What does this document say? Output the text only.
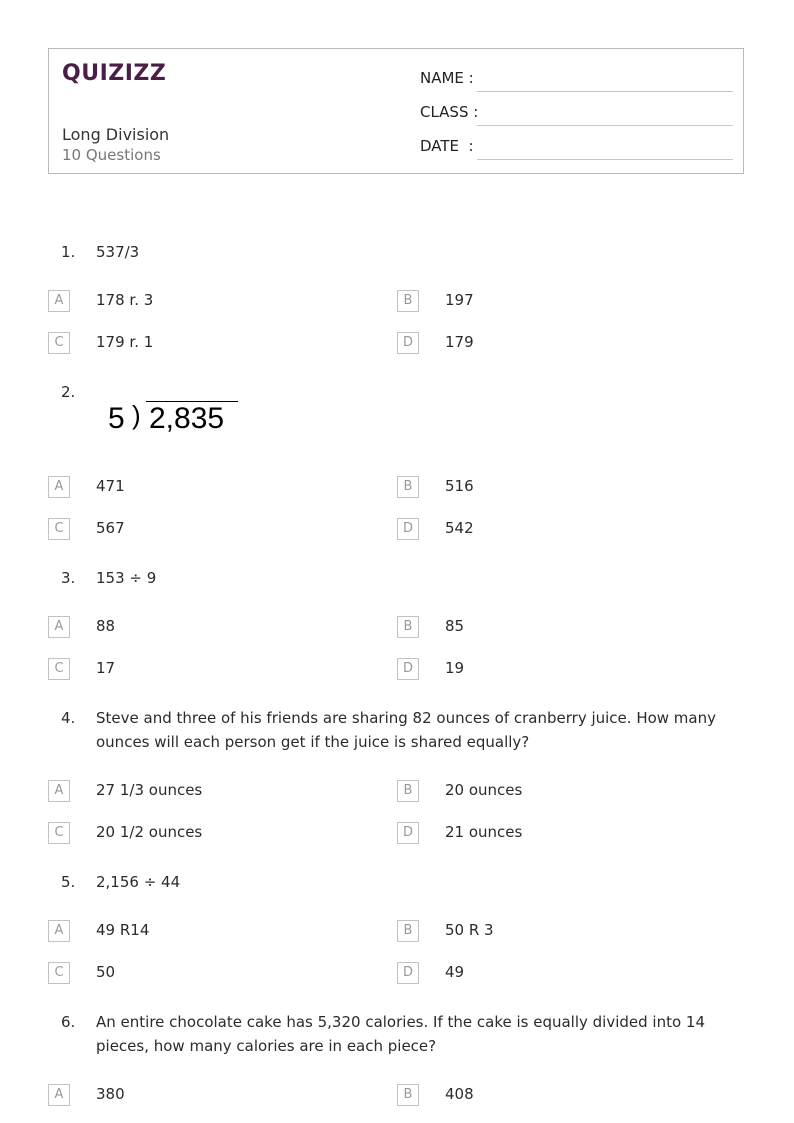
QUIZIZZ
Long Division
10 Questions
NAME :
CLASS :
DATE  :
1. 537/3
A	178 r. 3	B	197
C	179 r. 1	D	179
2.
5 ) 2,835
A	471	B	516
C	567	D	542
3. 153 ÷ 9
A	88	B	85
C	17	D	19
4. Steve and three of his friends are sharing 82 ounces of cranberry juice. How many ounces will each person get if the juice is shared equally?
A	27 1/3 ounces	B	20 ounces
C	20 1/2 ounces	D	21 ounces
5. 2,156 ÷ 44
A	49 R14	B	50 R 3
C	50	D	49
6. An entire chocolate cake has 5,320 calories. If the cake is equally divided into 14 pieces, how many calories are in each piece?
A	380	B	408
